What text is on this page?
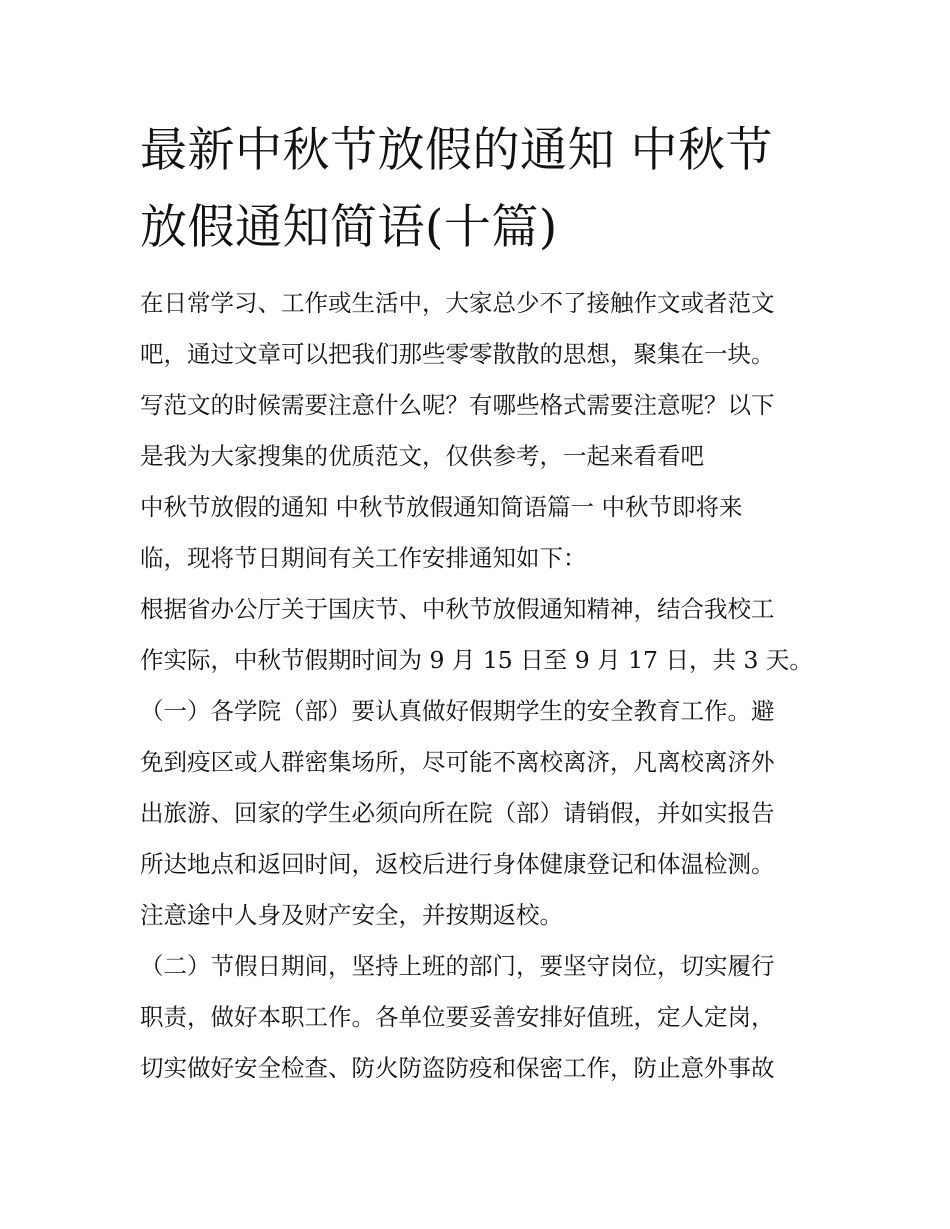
最新中秋节放假的通知 中秋节
放假通知简语(十篇)
在日常学习、工作或生活中，大家总少不了接触作文或者范文
吧，通过文章可以把我们那些零零散散的思想，聚集在一块。
写范文的时候需要注意什么呢？有哪些格式需要注意呢？以下
是我为大家搜集的优质范文，仅供参考，一起来看看吧
中秋节放假的通知 中秋节放假通知简语篇一 中秋节即将来
临，现将节日期间有关工作安排通知如下：
根据省办公厅关于国庆节、中秋节放假通知精神，结合我校工
作实际，中秋节假期时间为 9 月 15 日至 9 月 17 日，共 3 天。
（一）各学院（部）要认真做好假期学生的安全教育工作。避
免到疫区或人群密集场所，尽可能不离校离济，凡离校离济外
出旅游、回家的学生必须向所在院（部）请销假，并如实报告
所达地点和返回时间，返校后进行身体健康登记和体温检测。
注意途中人身及财产安全，并按期返校。
（二）节假日期间，坚持上班的部门，要坚守岗位，切实履行
职责，做好本职工作。各单位要妥善安排好值班，定人定岗，
切实做好安全检查、防火防盗防疫和保密工作，防止意外事故
